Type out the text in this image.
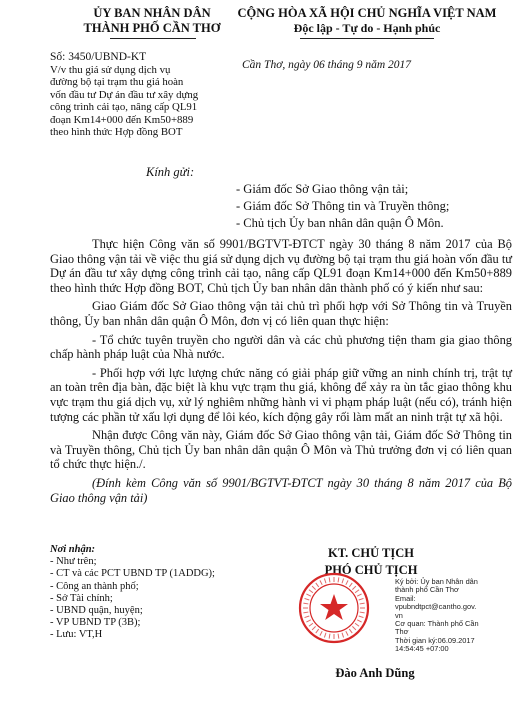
ỦY BAN NHÂN DÂN
THÀNH PHỐ CẦN THƠ
CỘNG HÒA XÃ HỘI CHỦ NGHĨA VIỆT NAM
Độc lập - Tự do - Hạnh phúc
Số: 3450/UBND-KT
V/v thu giá sử dụng dịch vụ
đường bộ tại trạm thu giá hoàn
vốn đầu tư Dự án đầu tư xây dựng
công trình cải tạo, nâng cấp QL91
đoạn Km14+000 đến Km50+889
theo hình thức Hợp đồng BOT
Cần Thơ, ngày 06 tháng 9 năm 2017
Kính gửi:
- Giám đốc Sở Giao thông vận tải;
- Giám đốc Sở Thông tin và Truyền thông;
- Chủ tịch Ủy ban nhân dân quận Ô Môn.

Thực hiện Công văn số 9901/BGTVT-ĐTCT ngày 30 tháng 8 năm 2017 của Bộ Giao thông vận tải về việc thu giá sử dụng dịch vụ đường bộ tại trạm thu giá hoàn vốn đầu tư Dự án đầu tư xây dựng công trình cải tạo, nâng cấp QL91 đoạn Km14+000 đến Km50+889 theo hình thức Hợp đồng BOT, Chủ tịch Ủy ban nhân dân thành phố có ý kiến như sau:

Giao Giám đốc Sở Giao thông vận tải chủ trì phối hợp với Sở Thông tin và Truyền thông, Ủy ban nhân dân quận Ô Môn, đơn vị có liên quan thực hiện:

- Tổ chức tuyên truyền cho người dân và các chủ phương tiện tham gia giao thông chấp hành pháp luật của Nhà nước.

- Phối hợp với lực lượng chức năng có giải pháp giữ vững an ninh chính trị, trật tự an toàn trên địa bàn, đặc biệt là khu vực trạm thu giá, không để xảy ra ùn tắc giao thông khu vực trạm thu giá dịch vụ, xử lý nghiêm những hành vi vi phạm pháp luật (nếu có), tránh hiện tượng các phần tử xấu lợi dụng để lôi kéo, kích động gây rối làm mất an ninh trật tự xã hội.

Nhận được Công văn này, Giám đốc Sở Giao thông vận tải, Giám đốc Sở Thông tin và Truyền thông, Chủ tịch Ủy ban nhân dân quận Ô Môn và Thủ trưởng đơn vị có liên quan tổ chức thực hiện./.

(Đính kèm Công văn số 9901/BGTVT-ĐTCT ngày 30 tháng 8 năm 2017 của Bộ Giao thông vận tải)

Nơi nhận:
- Như trên;
- CT và các PCT UBND TP (1ADDG);
- Công an thành phố;
- Sở Tài chính;
- UBND quận, huyện;
- VP UBND TP (3B);
- Lưu: VT,H
KT. CHỦ TỊCH
PHÓ CHỦ TỊCH
Ký bởi: Ủy ban Nhân dân
thành phố Cần Thơ
Email:
vpubndtpct@cantho.gov.
vn
Cơ quan: Thành phố Cần
Thơ
Thời gian ký:06.09.2017
14:54:45 +07:00
Đào Anh Dũng
